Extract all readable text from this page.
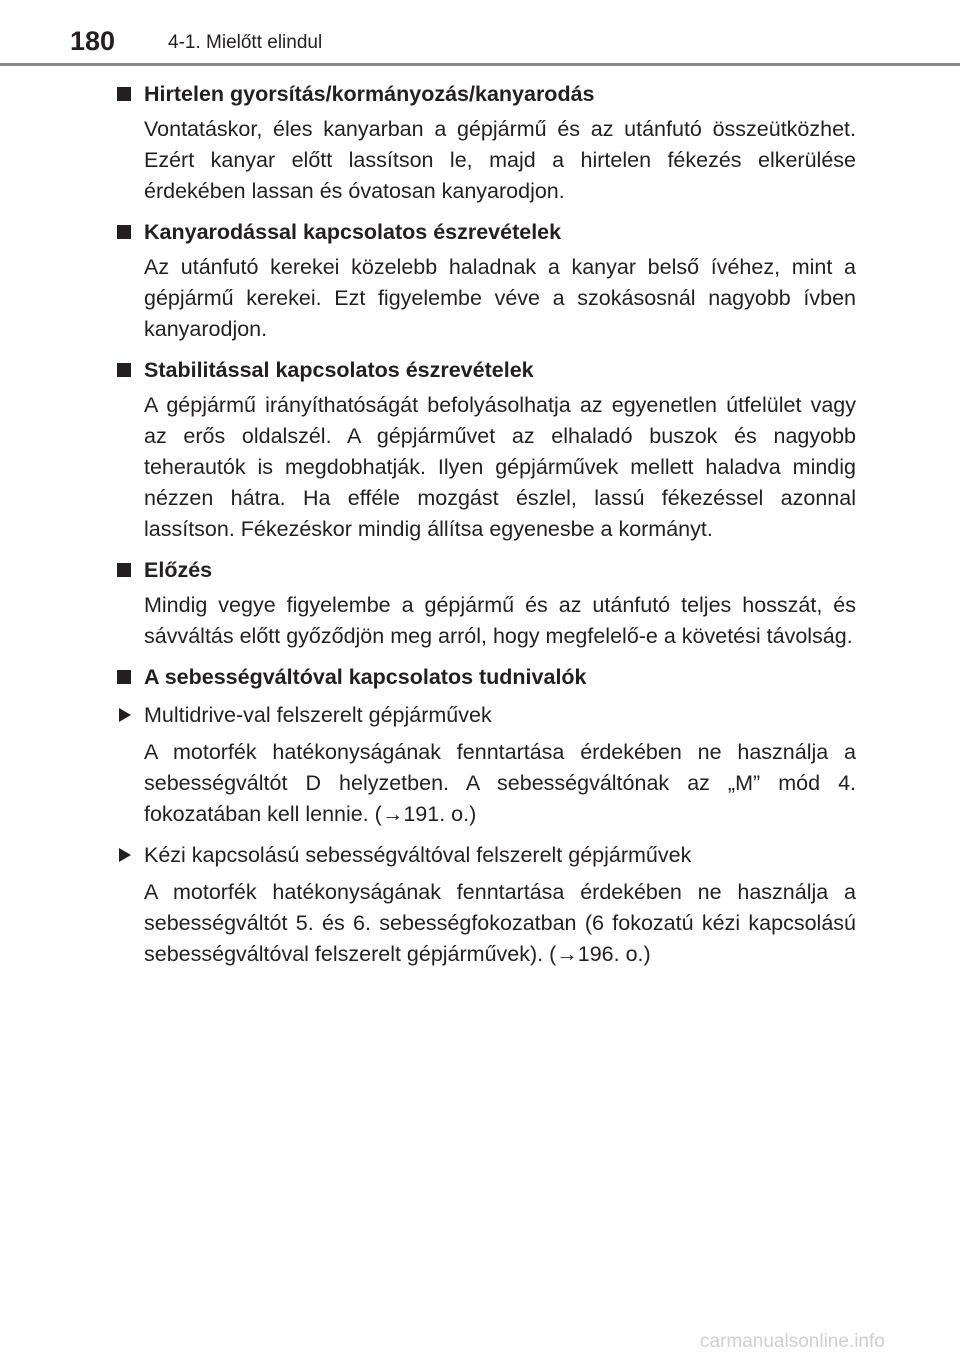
180	4-1. Mielőtt elindul
Hirtelen gyorsítás/kormányozás/kanyarodás

Vontatáskor, éles kanyarban a gépjármű és az utánfutó összeütközhet. Ezért kanyar előtt lassítson le, majd a hirtelen fékezés elkerülése érdekében lassan és óvatosan kanyarodjon.

Kanyarodással kapcsolatos észrevételek

Az utánfutó kerekei közelebb haladnak a kanyar belső ívéhez, mint a gépjármű kerekei. Ezt figyelembe véve a szokásosnál nagyobb ívben kanyarodjon.

Stabilitással kapcsolatos észrevételek

A gépjármű irányíthatóságát befolyásolhatja az egyenetlen útfelület vagy az erős oldalszél. A gépjárművet az elhaladó buszok és nagyobb teherautók is megdobhatják. Ilyen gépjárművek mellett haladva mindig nézzen hátra. Ha efféle mozgást észlel, lassú fékezéssel azonnal lassítson. Fékezéskor mindig állítsa egyenesbe a kormányt.

Előzés

Mindig vegye figyelembe a gépjármű és az utánfutó teljes hosszát, és sávváltás előtt győződjön meg arról, hogy megfelelő-e a követési távolság.

A sebességváltóval kapcsolatos tudnivalók
Multidrive-val felszerelt gépjárművek

A motorfék hatékonyságának fenntartása érdekében ne használja a sebességváltót D helyzetben. A sebességváltónak az „M” mód 4. fokozatában kell lennie. (→191. o.)

Kézi kapcsolású sebességváltóval felszerelt gépjárművek

A motorfék hatékonyságának fenntartása érdekében ne használja a sebességváltót 5. és 6. sebességfokozatban (6 fokozatú kézi kapcsolású sebességváltóval felszerelt gépjárművek). (→196. o.)

carmanualsonline.info
